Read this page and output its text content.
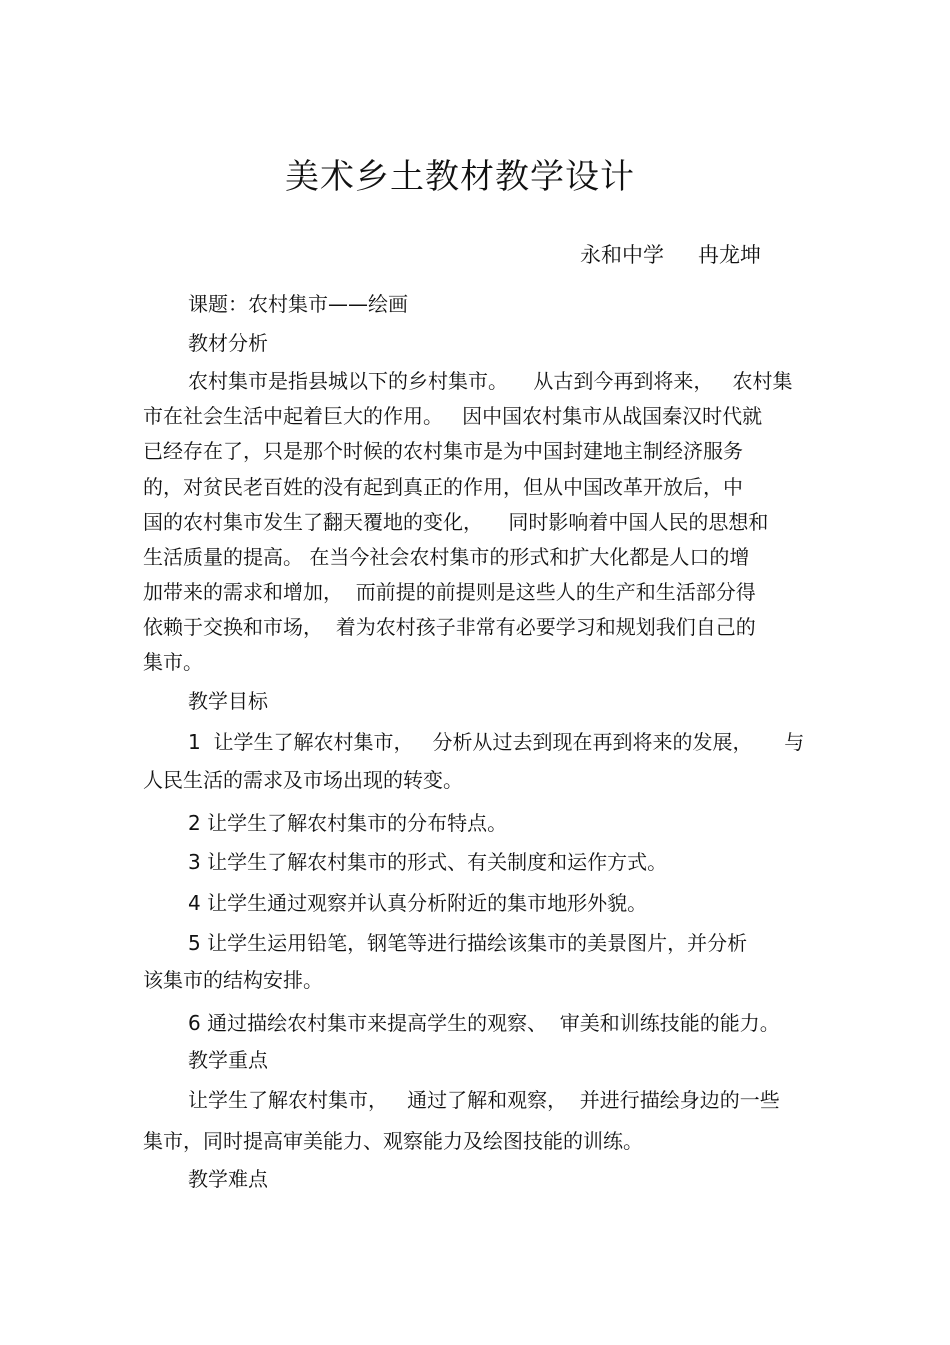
美术乡土教材教学设计
永和中学 冉龙坤
课题：农村集市——绘画
教材分析
农村集市是指县城以下的乡村集市。    从古到今再到将来，   农村集
市在社会生活中起着巨大的作用。   因中国农村集市从战国秦汉时代就
已经存在了，只是那个时候的农村集市是为中国封建地主制经济服务
的，对贫民老百姓的没有起到真正的作用，但从中国改革开放后，中
国的农村集市发生了翻天覆地的变化，    同时影响着中国人民的思想和
生活质量的提高。 在当今社会农村集市的形式和扩大化都是人口的增
加带来的需求和增加，  而前提的前提则是这些人的生产和生活部分得
依赖于交换和市场，  着为农村孩子非常有必要学习和规划我们自己的
集市。
教学目标
1  让学生了解农村集市，   分析从过去到现在再到将来的发展，     与
人民生活的需求及市场出现的转变。
2 让学生了解农村集市的分布特点。
3 让学生了解农村集市的形式、有关制度和运作方式。
4 让学生通过观察并认真分析附近的集市地形外貌。
5 让学生运用铅笔，钢笔等进行描绘该集市的美景图片，并分析
该集市的结构安排。
6 通过描绘农村集市来提高学生的观察、  审美和训练技能的能力。
教学重点
让学生了解农村集市，   通过了解和观察，  并进行描绘身边的一些
集市，同时提高审美能力、观察能力及绘图技能的训练。
教学难点
